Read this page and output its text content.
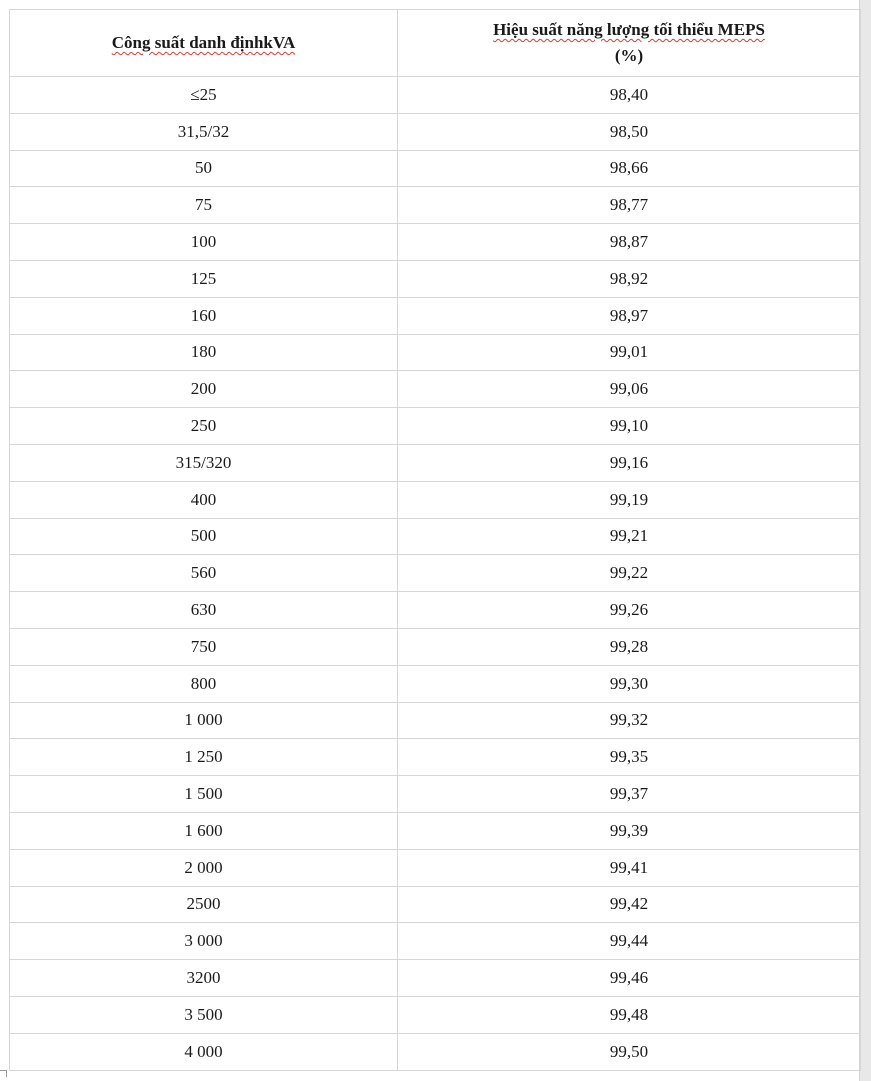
Công suất danh địnhkVA	Hiệu suất năng lượng tối thiểu MEPS
(%)

≤25	98,40
31,5/32	98,50
50	98,66
75	98,77
100	98,87
125	98,92
160	98,97
180	99,01
200	99,06
250	99,10
315/320	99,16
400	99,19
500	99,21
560	99,22
630	99,26
750	99,28
800	99,30
1 000	99,32
1 250	99,35
1 500	99,37
1 600	99,39
2 000	99,41
2500	99,42
3 000	99,44
3200	99,46
3 500	99,48
4 000	99,50
